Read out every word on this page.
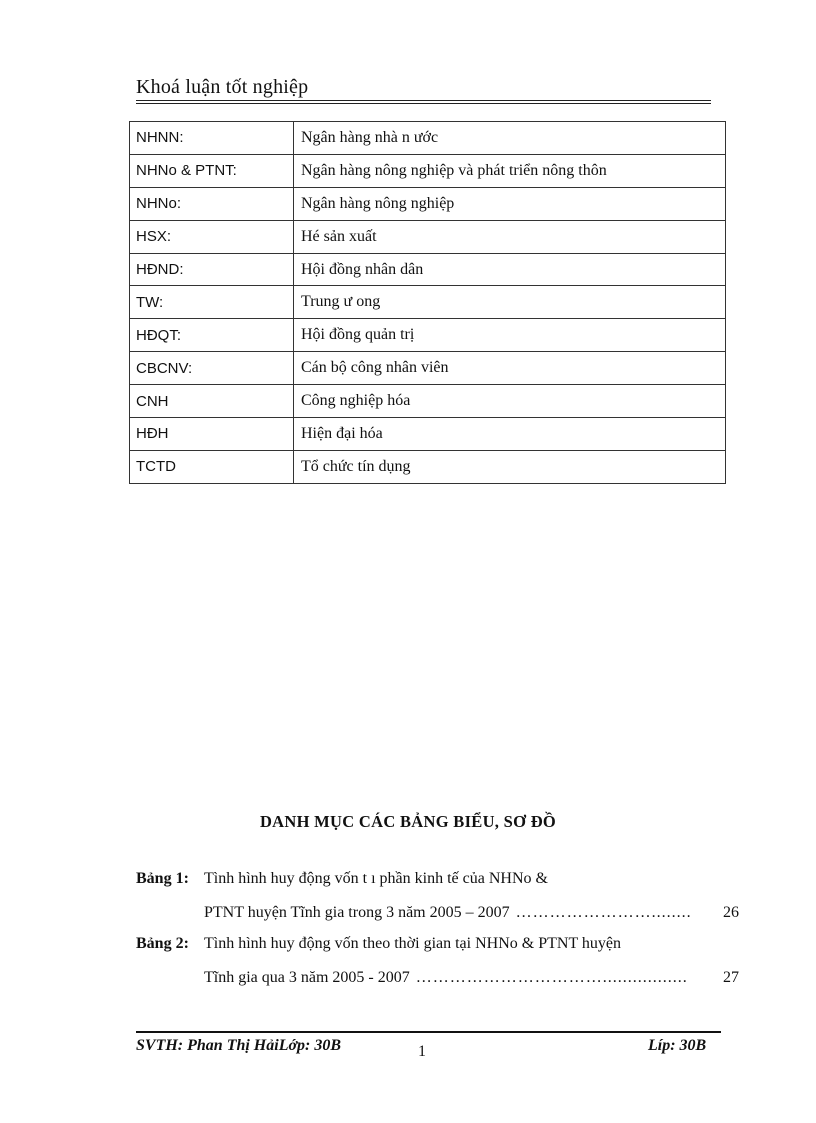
Khoá luận tốt nghiệp
NHNN:	Ngân hàng nhà n ước
NHNo & PTNT:	Ngân hàng nông nghiệp và phát triển nông thôn
NHNo:	Ngân hàng nông nghiệp
HSX:	Hé sản xuất
HĐND:	Hội đồng nhân dân
TW:	Trung ư ong
HĐQT:	Hội đồng quản trị
CBCNV:	Cán bộ công nhân viên
CNH	Công nghiệp hóa
HĐH	Hiện đại hóa
TCTD	Tổ chức tín dụng
DANH MỤC CÁC BẢNG BIỂU, SƠ ĐỒ
Bảng 1: Tình hình huy động vốn t ı phần kinh tế của NHNo &
PTNT huyện Tĩnh gia trong 3 năm 2005 – 2007 ……………………........	26
Bảng 2: Tình hình huy động vốn theo thời gian tại NHNo & PTNT huyện
Tĩnh gia qua 3 năm 2005 - 2007 …………………………….................	27
SVTH: Phan Thị HảiLớp: 30B	1	Líp: 30B
